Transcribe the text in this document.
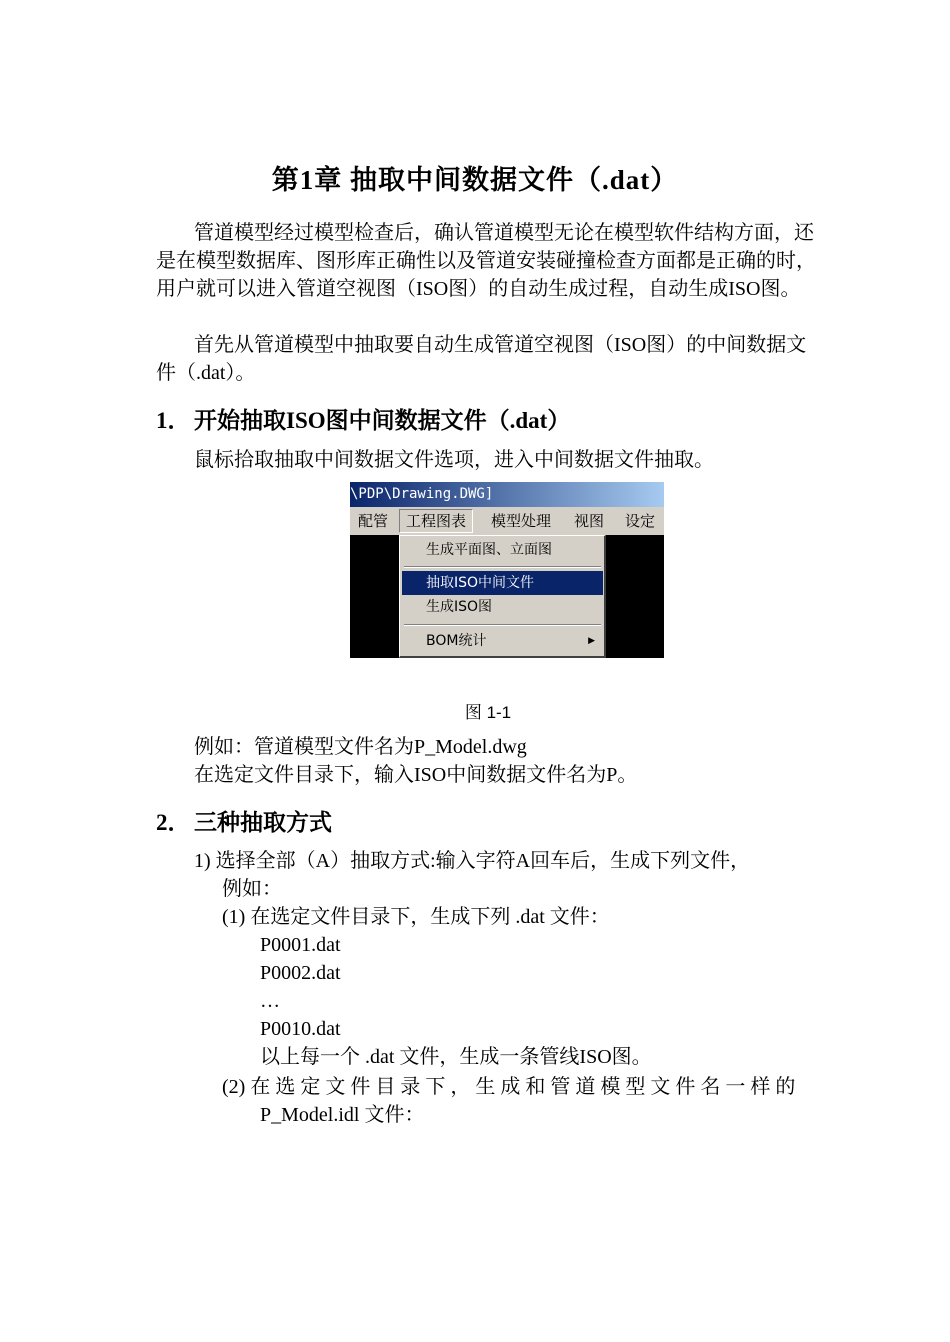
第1章 抽取中间数据文件（.dat）

管道模型经过模型检查后，确认管道模型无论在模型软件结构方面，还是在模型数据库、图形库正确性以及管道安装碰撞检查方面都是正确的时，用户就可以进入管道空视图（ISO图）的自动生成过程，自动生成ISO图。

首先从管道模型中抽取要自动生成管道空视图（ISO图）的中间数据文件（.dat）。

1． 开始抽取ISO图中间数据文件（.dat）

鼠标拾取抽取中间数据文件选项，进入中间数据文件抽取。

\PDP\Drawing.DWG]
配管	工程图表	模型处理 视图 设定
生成平面图、立面图
抽取ISO中间文件
生成ISO图
BOM统计	▶

图 1-1

例如：管道模型文件名为P_Model.dwg

在选定文件目录下，输入ISO中间数据文件名为P。

2． 三种抽取方式

1) 选择全部（A）抽取方式:输入字符A回车后，生成下列文件，

例如：

(1) 在选定文件目录下，生成下列 .dat 文件：

P0001.dat

P0002.dat

…

P0010.dat

以上每一个 .dat 文件，生成一条管线ISO图。

(2) 在 选 定 文 件 目 录 下 ， 生 成 和 管 道 模 型 文 件 名 一 样 的

P_Model.idl 文件：
